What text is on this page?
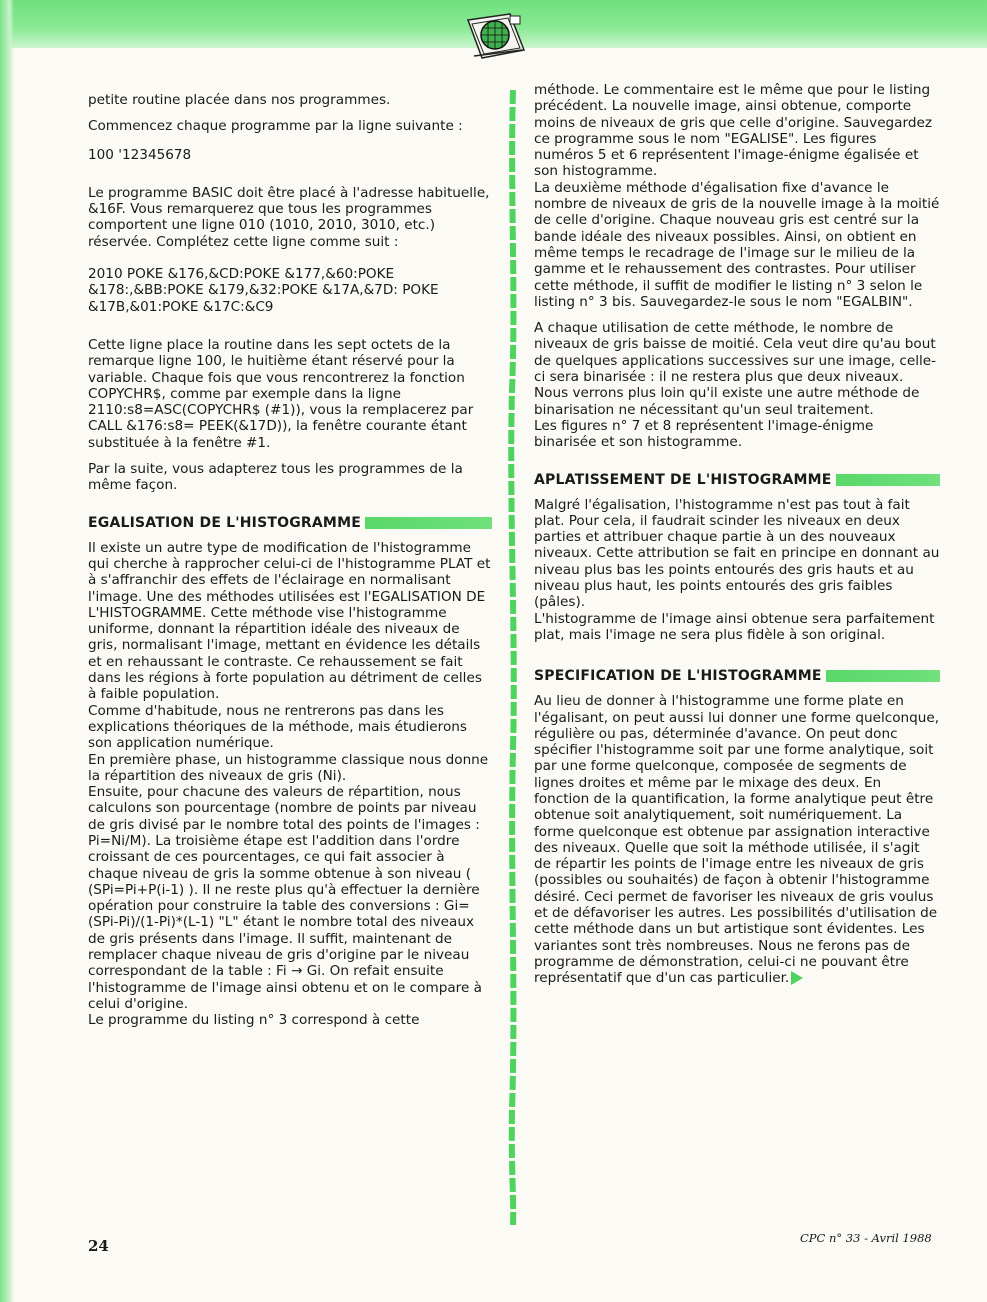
petite routine placée dans nos programmes.

Commencez chaque programme par la ligne suivante :

100 '12345678

Le programme BASIC doit être placé à l'adresse habituelle, &16F. Vous remarquerez que tous les programmes comportent une ligne 010 (1010, 2010, 3010, etc.) réservée. Complétez cette ligne comme suit :

2010 POKE &176,&CD:POKE &177,&60:POKE &178:,&BB:POKE &179,&32:POKE &17A,&7D: POKE &17B,&01:POKE &17C:&C9

Cette ligne place la routine dans les sept octets de la remarque ligne 100, le huitième étant réservé pour la variable. Chaque fois que vous rencontrerez la fonction COPYCHR$, comme par exemple dans la ligne 2110:s8=ASC(COPYCHR$ (#1)), vous la remplacerez par CALL &176:s8= PEEK(&17D)), la fenêtre courante étant substituée à la fenêtre #1.

Par la suite, vous adapterez tous les programmes de la même façon.

EGALISATION DE L'HISTOGRAMME

Il existe un autre type de modification de l'histogramme qui cherche à rapprocher celui-ci de l'histogramme PLAT et à s'affranchir des effets de l'éclairage en normalisant l'image. Une des méthodes utilisées est l'EGALISATION DE L'HISTOGRAMME. Cette méthode vise l'histogramme uniforme, donnant la répartition idéale des niveaux de gris, normalisant l'image, mettant en évidence les détails et en rehaussant le contraste. Ce rehaussement se fait dans les régions à forte population au détriment de celles à faible population.

Comme d'habitude, nous ne rentrerons pas dans les explications théoriques de la méthode, mais étudierons son application numérique.

En première phase, un histogramme classique nous donne la répartition des niveaux de gris (Ni).

Ensuite, pour chacune des valeurs de répartition, nous calculons son pourcentage (nombre de points par niveau de gris divisé par le nombre total des points de l'images : Pi=Ni/M). La troisième étape est l'addition dans l'ordre croissant de ces pourcentages, ce qui fait associer à chaque niveau de gris la somme obtenue à son niveau ( (SPi=Pi+P(i-1) ). Il ne reste plus qu'à effectuer la dernière opération pour construire la table des conversions : Gi=(SPi-Pi)/(1-Pi)*(L-1) "L" étant le nombre total des niveaux de gris présents dans l'image. Il suffit, maintenant de remplacer chaque niveau de gris d'origine par le niveau correspondant de la table : Fi → Gi. On refait ensuite l'histogramme de l'image ainsi obtenu et on le compare à celui d'origine.

Le programme du listing n° 3 correspond à cette

méthode. Le commentaire est le même que pour le listing précédent. La nouvelle image, ainsi obtenue, comporte moins de niveaux de gris que celle d'origine. Sauvegardez ce programme sous le nom "EGALISE". Les figures numéros 5 et 6 représentent l'image-énigme égalisée et son histogramme.

La deuxième méthode d'égalisation fixe d'avance le nombre de niveaux de gris de la nouvelle image à la moitié de celle d'origine. Chaque nouveau gris est centré sur la bande idéale des niveaux possibles. Ainsi, on obtient en même temps le recadrage de l'image sur le milieu de la gamme et le rehaussement des contrastes. Pour utiliser cette méthode, il suffit de modifier le listing n° 3 selon le listing n° 3 bis. Sauvegardez-le sous le nom "EGALBIN".

A chaque utilisation de cette méthode, le nombre de niveaux de gris baisse de moitié. Cela veut dire qu'au bout de quelques applications successives sur une image, celle-ci sera binarisée : il ne restera plus que deux niveaux. Nous verrons plus loin qu'il existe une autre méthode de binarisation ne nécessitant qu'un seul traitement.

Les figures n° 7 et 8 représentent l'image-énigme binarisée et son histogramme.

APLATISSEMENT DE L'HISTOGRAMME

Malgré l'égalisation, l'histogramme n'est pas tout à fait plat. Pour cela, il faudrait scinder les niveaux en deux parties et attribuer chaque partie à un des nouveaux niveaux. Cette attribution se fait en principe en donnant au niveau plus bas les points entourés des gris hauts et au niveau plus haut, les points entourés des gris faibles (pâles).

L'histogramme de l'image ainsi obtenue sera parfaitement plat, mais l'image ne sera plus fidèle à son original.

SPECIFICATION DE L'HISTOGRAMME

Au lieu de donner à l'histogramme une forme plate en l'égalisant, on peut aussi lui donner une forme quelconque, régulière ou pas, déterminée d'avance. On peut donc spécifier l'histogramme soit par une forme analytique, soit par une forme quelconque, composée de segments de lignes droites et même par le mixage des deux. En fonction de la quantification, la forme analytique peut être obtenue soit analytiquement, soit numériquement. La forme quelconque est obtenue par assignation interactive des niveaux. Quelle que soit la méthode utilisée, il s'agit de répartir les points de l'image entre les niveaux de gris (possibles ou souhaités) de façon à obtenir l'histogramme désiré. Ceci permet de favoriser les niveaux de gris voulus et de défavoriser les autres. Les possibilités d'utilisation de cette méthode dans un but artistique sont évidentes. Les variantes sont très nombreuses. Nous ne ferons pas de programme de démonstration, celui-ci ne pouvant être représentatif que d'un cas particulier.

24	CPC n° 33 - Avril 1988
